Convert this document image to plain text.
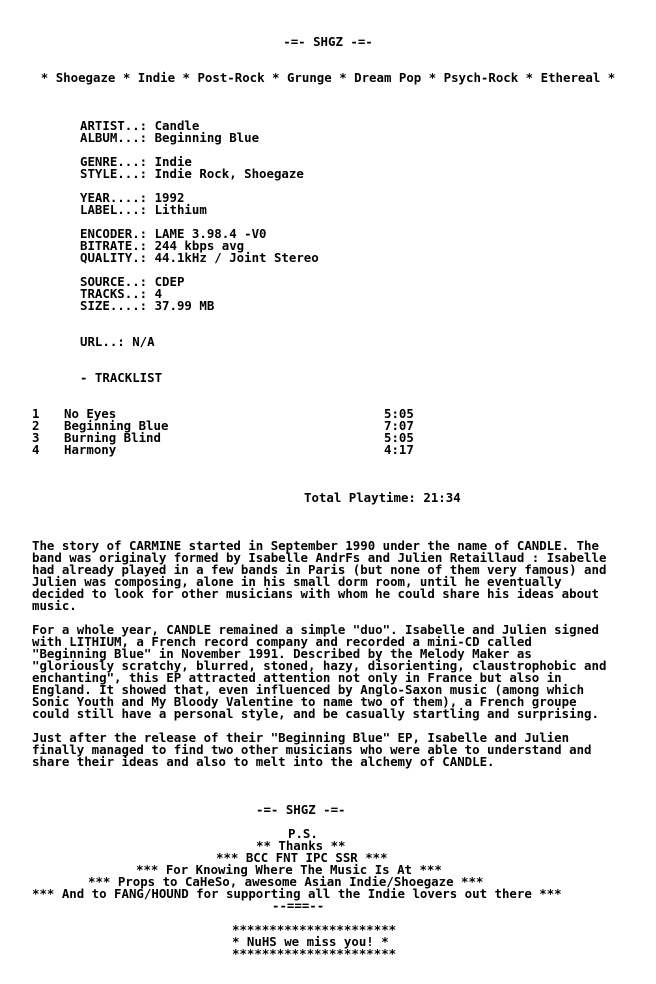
-=- SHGZ -=-
* Shoegaze * Indie * Post-Rock * Grunge * Dream Pop * Psych-Rock * Ethereal *
ARTIST..: Candle
ALBUM...: Beginning Blue
GENRE...: Indie
STYLE...: Indie Rock, Shoegaze
YEAR....: 1992
LABEL...: Lithium
ENCODER.: LAME 3.98.4 -V0
BITRATE.: 244 kbps avg
QUALITY.: 44.1kHz / Joint Stereo
SOURCE..: CDEP
TRACKS..: 4
SIZE....: 37.99 MB
URL..: N/A
- TRACKLIST
1 No Eyes	5:05
2 Beginning Blue	7:07
3 Burning Blind	5:05
4 Harmony	4:17
Total Playtime: 21:34
The story of CARMINE started in September 1990 under the name of CANDLE. The
band was originaly formed by Isabelle AndrFs and Julien Retaillaud : Isabelle
had already played in a few bands in Paris (but none of them very famous) and
Julien was composing, alone in his small dorm room, until he eventually
decided to look for other musicians with whom he could share his ideas about
music.
For a whole year, CANDLE remained a simple "duo". Isabelle and Julien signed
with LITHIUM, a French record company and recorded a mini-CD called
"Beginning Blue" in November 1991. Described by the Melody Maker as
"gloriously scratchy, blurred, stoned, hazy, disorienting, claustrophobic and
enchanting", this EP attracted attention not only in France but also in
England. It showed that, even influenced by Anglo-Saxon music (among which
Sonic Youth and My Bloody Valentine to name two of them), a French groupe
could still have a personal style, and be casually startling and surprising.
Just after the release of their "Beginning Blue" EP, Isabelle and Julien
finally managed to find two other musicians who were able to understand and
share their ideas and also to melt into the alchemy of CANDLE.
-=- SHGZ -=-
P.S.
** Thanks **
*** BCC FNT IPC SSR ***
*** For Knowing Where The Music Is At ***
*** Props to CaHeSo, awesome Asian Indie/Shoegaze ***
*** And to FANG/HOUND for supporting all the Indie lovers out there ***
--===--
**********************
* NuHS we miss you! *
**********************
